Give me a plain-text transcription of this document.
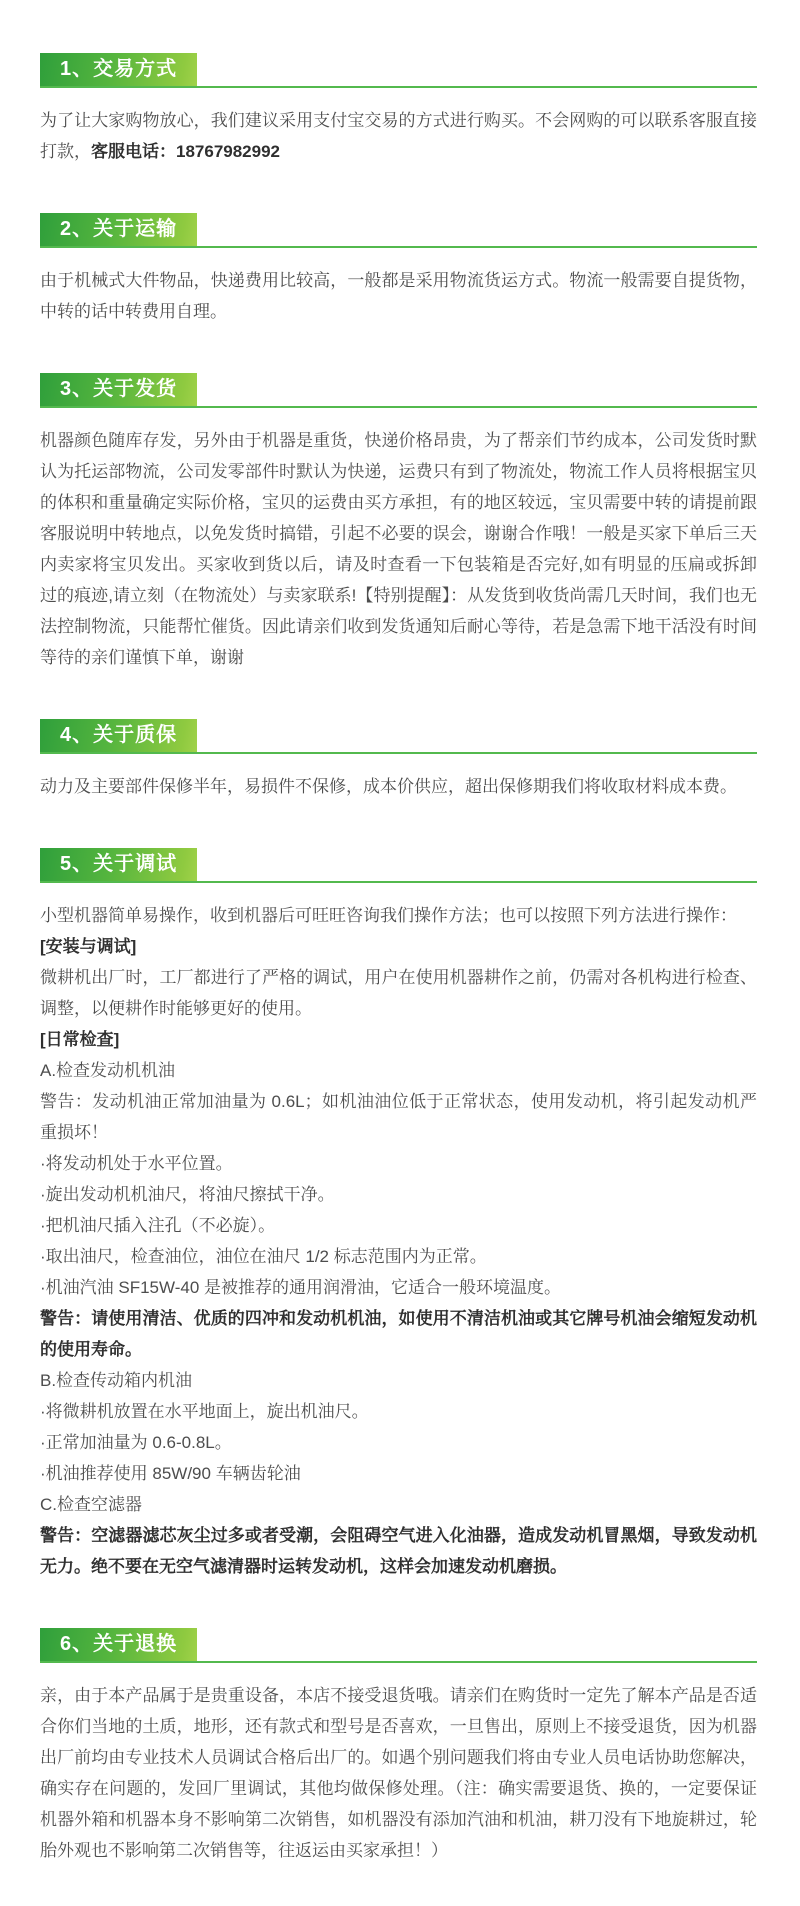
1、交易方式

为了让大家购物放心，我们建议采用支付宝交易的方式进行购买。不会网购的可以联系客服直接打款，客服电话：18767982992

2、关于运输

由于机械式大件物品，快递费用比较高，一般都是采用物流货运方式。物流一般需要自提货物，中转的话中转费用自理。

3、关于发货

机器颜色随库存发，另外由于机器是重货，快递价格昂贵，为了帮亲们节约成本，公司发货时默认为托运部物流，公司发零部件时默认为快递，运费只有到了物流处，物流工作人员将根据宝贝的体积和重量确定实际价格，宝贝的运费由买方承担，有的地区较远，宝贝需要中转的请提前跟客服说明中转地点，以免发货时搞错，引起不必要的误会，谢谢合作哦！一般是买家下单后三天内卖家将宝贝发出。买家收到货以后，请及时查看一下包装箱是否完好,如有明显的压扁或拆卸过的痕迹,请立刻（在物流处）与卖家联系!【特别提醒】：从发货到收货尚需几天时间，我们也无法控制物流，只能帮忙催货。因此请亲们收到发货通知后耐心等待，若是急需下地干活没有时间等待的亲们谨慎下单，谢谢

4、关于质保

动力及主要部件保修半年，易损件不保修，成本价供应，超出保修期我们将收取材料成本费。

5、关于调试

小型机器简单易操作，收到机器后可旺旺咨询我们操作方法；也可以按照下列方法进行操作：

[安装与调试]

微耕机出厂时，工厂都进行了严格的调试，用户在使用机器耕作之前，仍需对各机构进行检查、调整，以便耕作时能够更好的使用。

[日常检查]

A.检查发动机机油

警告：发动机油正常加油量为 0.6L；如机油油位低于正常状态，使用发动机，将引起发动机严重损坏！

·将发动机处于水平位置。

·旋出发动机机油尺，将油尺擦拭干净。

·把机油尺插入注孔（不必旋）。

·取出油尺，检查油位，油位在油尺 1/2 标志范围内为正常。

·机油汽油 SF15W-40 是被推荐的通用润滑油，它适合一般环境温度。

警告：请使用清洁、优质的四冲和发动机机油，如使用不清洁机油或其它牌号机油会缩短发动机的使用寿命。

B.检查传动箱内机油

·将微耕机放置在水平地面上，旋出机油尺。

·正常加油量为 0.6-0.8L。

·机油推荐使用 85W/90 车辆齿轮油

C.检查空滤器

警告：空滤器滤芯灰尘过多或者受潮，会阻碍空气进入化油器，造成发动机冒黑烟，导致发动机无力。绝不要在无空气滤清器时运转发动机，这样会加速发动机磨损。

6、关于退换

亲，由于本产品属于是贵重设备，本店不接受退货哦。请亲们在购货时一定先了解本产品是否适合你们当地的土质，地形，还有款式和型号是否喜欢，一旦售出，原则上不接受退货，因为机器出厂前均由专业技术人员调试合格后出厂的。如遇个别问题我们将由专业人员电话协助您解决，确实存在问题的，发回厂里调试，其他均做保修处理。（注：确实需要退货、换的，一定要保证机器外箱和机器本身不影响第二次销售，如机器没有添加汽油和机油，耕刀没有下地旋耕过，轮胎外观也不影响第二次销售等，往返运由买家承担！）
